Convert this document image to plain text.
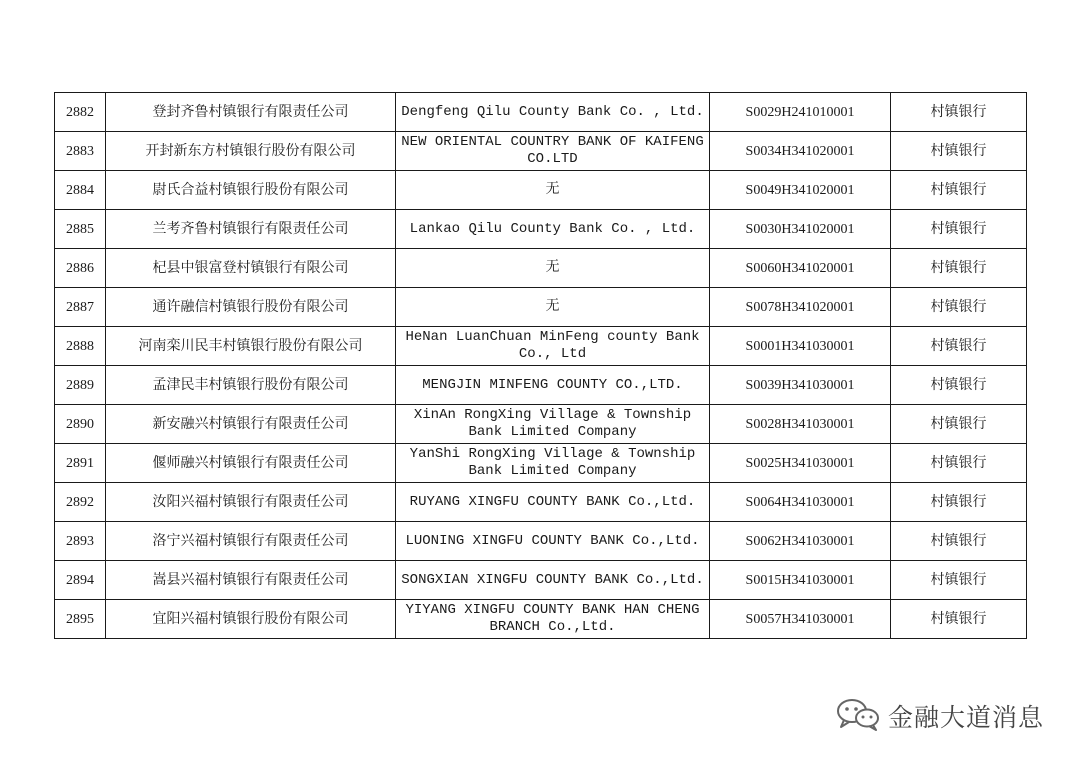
2882	登封齐鲁村镇银行有限责任公司	Dengfeng Qilu County Bank Co. , Ltd.	S0029H241010001	村镇银行
2883	开封新东方村镇银行股份有限公司	NEW ORIENTAL COUNTRY BANK OF KAIFENG CO.LTD	S0034H341020001	村镇银行
2884	尉氏合益村镇银行股份有限公司	无	S0049H341020001	村镇银行
2885	兰考齐鲁村镇银行有限责任公司	Lankao Qilu County Bank Co. , Ltd.	S0030H341020001	村镇银行
2886	杞县中银富登村镇银行有限公司	无	S0060H341020001	村镇银行
2887	通许融信村镇银行股份有限公司	无	S0078H341020001	村镇银行
2888	河南栾川民丰村镇银行股份有限公司	HeNan LuanChuan MinFeng county Bank Co., Ltd	S0001H341030001	村镇银行
2889	孟津民丰村镇银行股份有限公司	MENGJIN MINFENG COUNTY CO.,LTD.	S0039H341030001	村镇银行
2890	新安融兴村镇银行有限责任公司	XinAn RongXing Village & Township Bank Limited Company	S0028H341030001	村镇银行
2891	偃师融兴村镇银行有限责任公司	YanShi RongXing Village & Township Bank Limited Company	S0025H341030001	村镇银行
2892	汝阳兴福村镇银行有限责任公司	RUYANG XINGFU COUNTY BANK Co.,Ltd.	S0064H341030001	村镇银行
2893	洛宁兴福村镇银行有限责任公司	LUONING XINGFU COUNTY BANK Co.,Ltd.	S0062H341030001	村镇银行
2894	嵩县兴福村镇银行有限责任公司	SONGXIAN XINGFU COUNTY BANK Co.,Ltd.	S0015H341030001	村镇银行
2895	宜阳兴福村镇银行股份有限公司	YIYANG XINGFU COUNTY BANK HAN CHENG BRANCH Co.,Ltd.	S0057H341030001	村镇银行
金融大道消息
